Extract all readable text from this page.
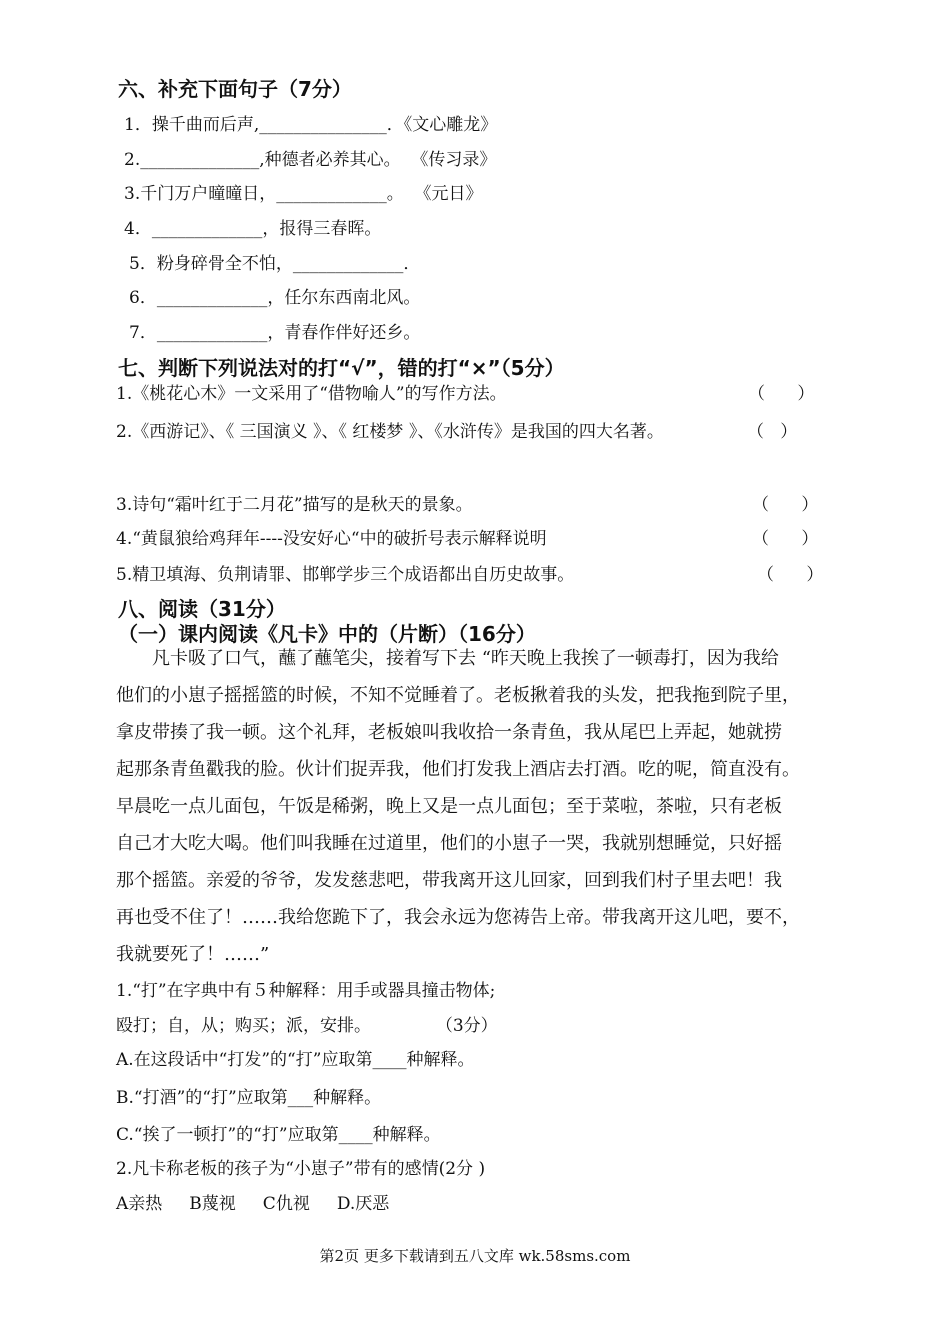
六、补充下面句子（7分）
1．操千曲而后声,_______________．《文心雕龙》
2.______________,种德者必养其心。  《传习录》
3.千门万户曈曈日，_____________。  《元日》
4．_____________，报得三春晖。
5．粉身碎骨全不怕，_____________．
6．_____________，任尔东西南北风。
7．_____________，青春作伴好还乡。
七、判断下列说法对的打“√”，错的打“×”（5分）
1.《桃花心木》一文采用了“借物喻人”的写作方法。	（      ）
2.《西游记》、《 三国演义 》、《 红楼梦 》、《水浒传》是我国的四大名著。	（   ）
3.诗句“霜叶红于二月花”描写的是秋天的景象。	（      ）
4.“黄鼠狼给鸡拜年----没安好心“中的破折号表示解释说明	（      ）
5.精卫填海、负荆请罪、邯郸学步三个成语都出自历史故事。	（      ）
八、阅读（31分）
（一）课内阅读《凡卡》中的（片断）（16分）
凡卡吸了口气，蘸了蘸笔尖，接着写下去 “昨天晚上我挨了一顿毒打，因为我给
他们的小崽子摇摇篮的时候，不知不觉睡着了。老板揪着我的头发，把我拖到院子里，
拿皮带揍了我一顿。这个礼拜，老板娘叫我收拾一条青鱼，我从尾巴上弄起，她就捞
起那条青鱼戳我的脸。伙计们捉弄我，他们打发我上酒店去打酒。吃的呢，简直没有。
早晨吃一点儿面包，午饭是稀粥，晚上又是一点儿面包；至于菜啦，茶啦，只有老板
自己才大吃大喝。他们叫我睡在过道里，他们的小崽子一哭，我就别想睡觉，只好摇
那个摇篮。亲爱的爷爷，发发慈悲吧，带我离开这儿回家，回到我们村子里去吧！我
再也受不住了！……我给您跪下了，我会永远为您祷告上帝。带我离开这儿吧，要不，
我就要死了！……”
1.“打”在字典中有５种解释：用手或器具撞击物体;
殴打；自，从；购买；派，安排。            （3分）
A.在这段话中“打发”的“打”应取第____种解释。
B.“打酒”的“打”应取第___种解释。
C.“挨了一顿打”的“打”应取第____种解释。
2.凡卡称老板的孩子为“小崽子”带有的感情(2分 )
A亲热     B蔑视     C仇视     D.厌恶
第2页 更多下载请到五八文库 wk.58sms.com
